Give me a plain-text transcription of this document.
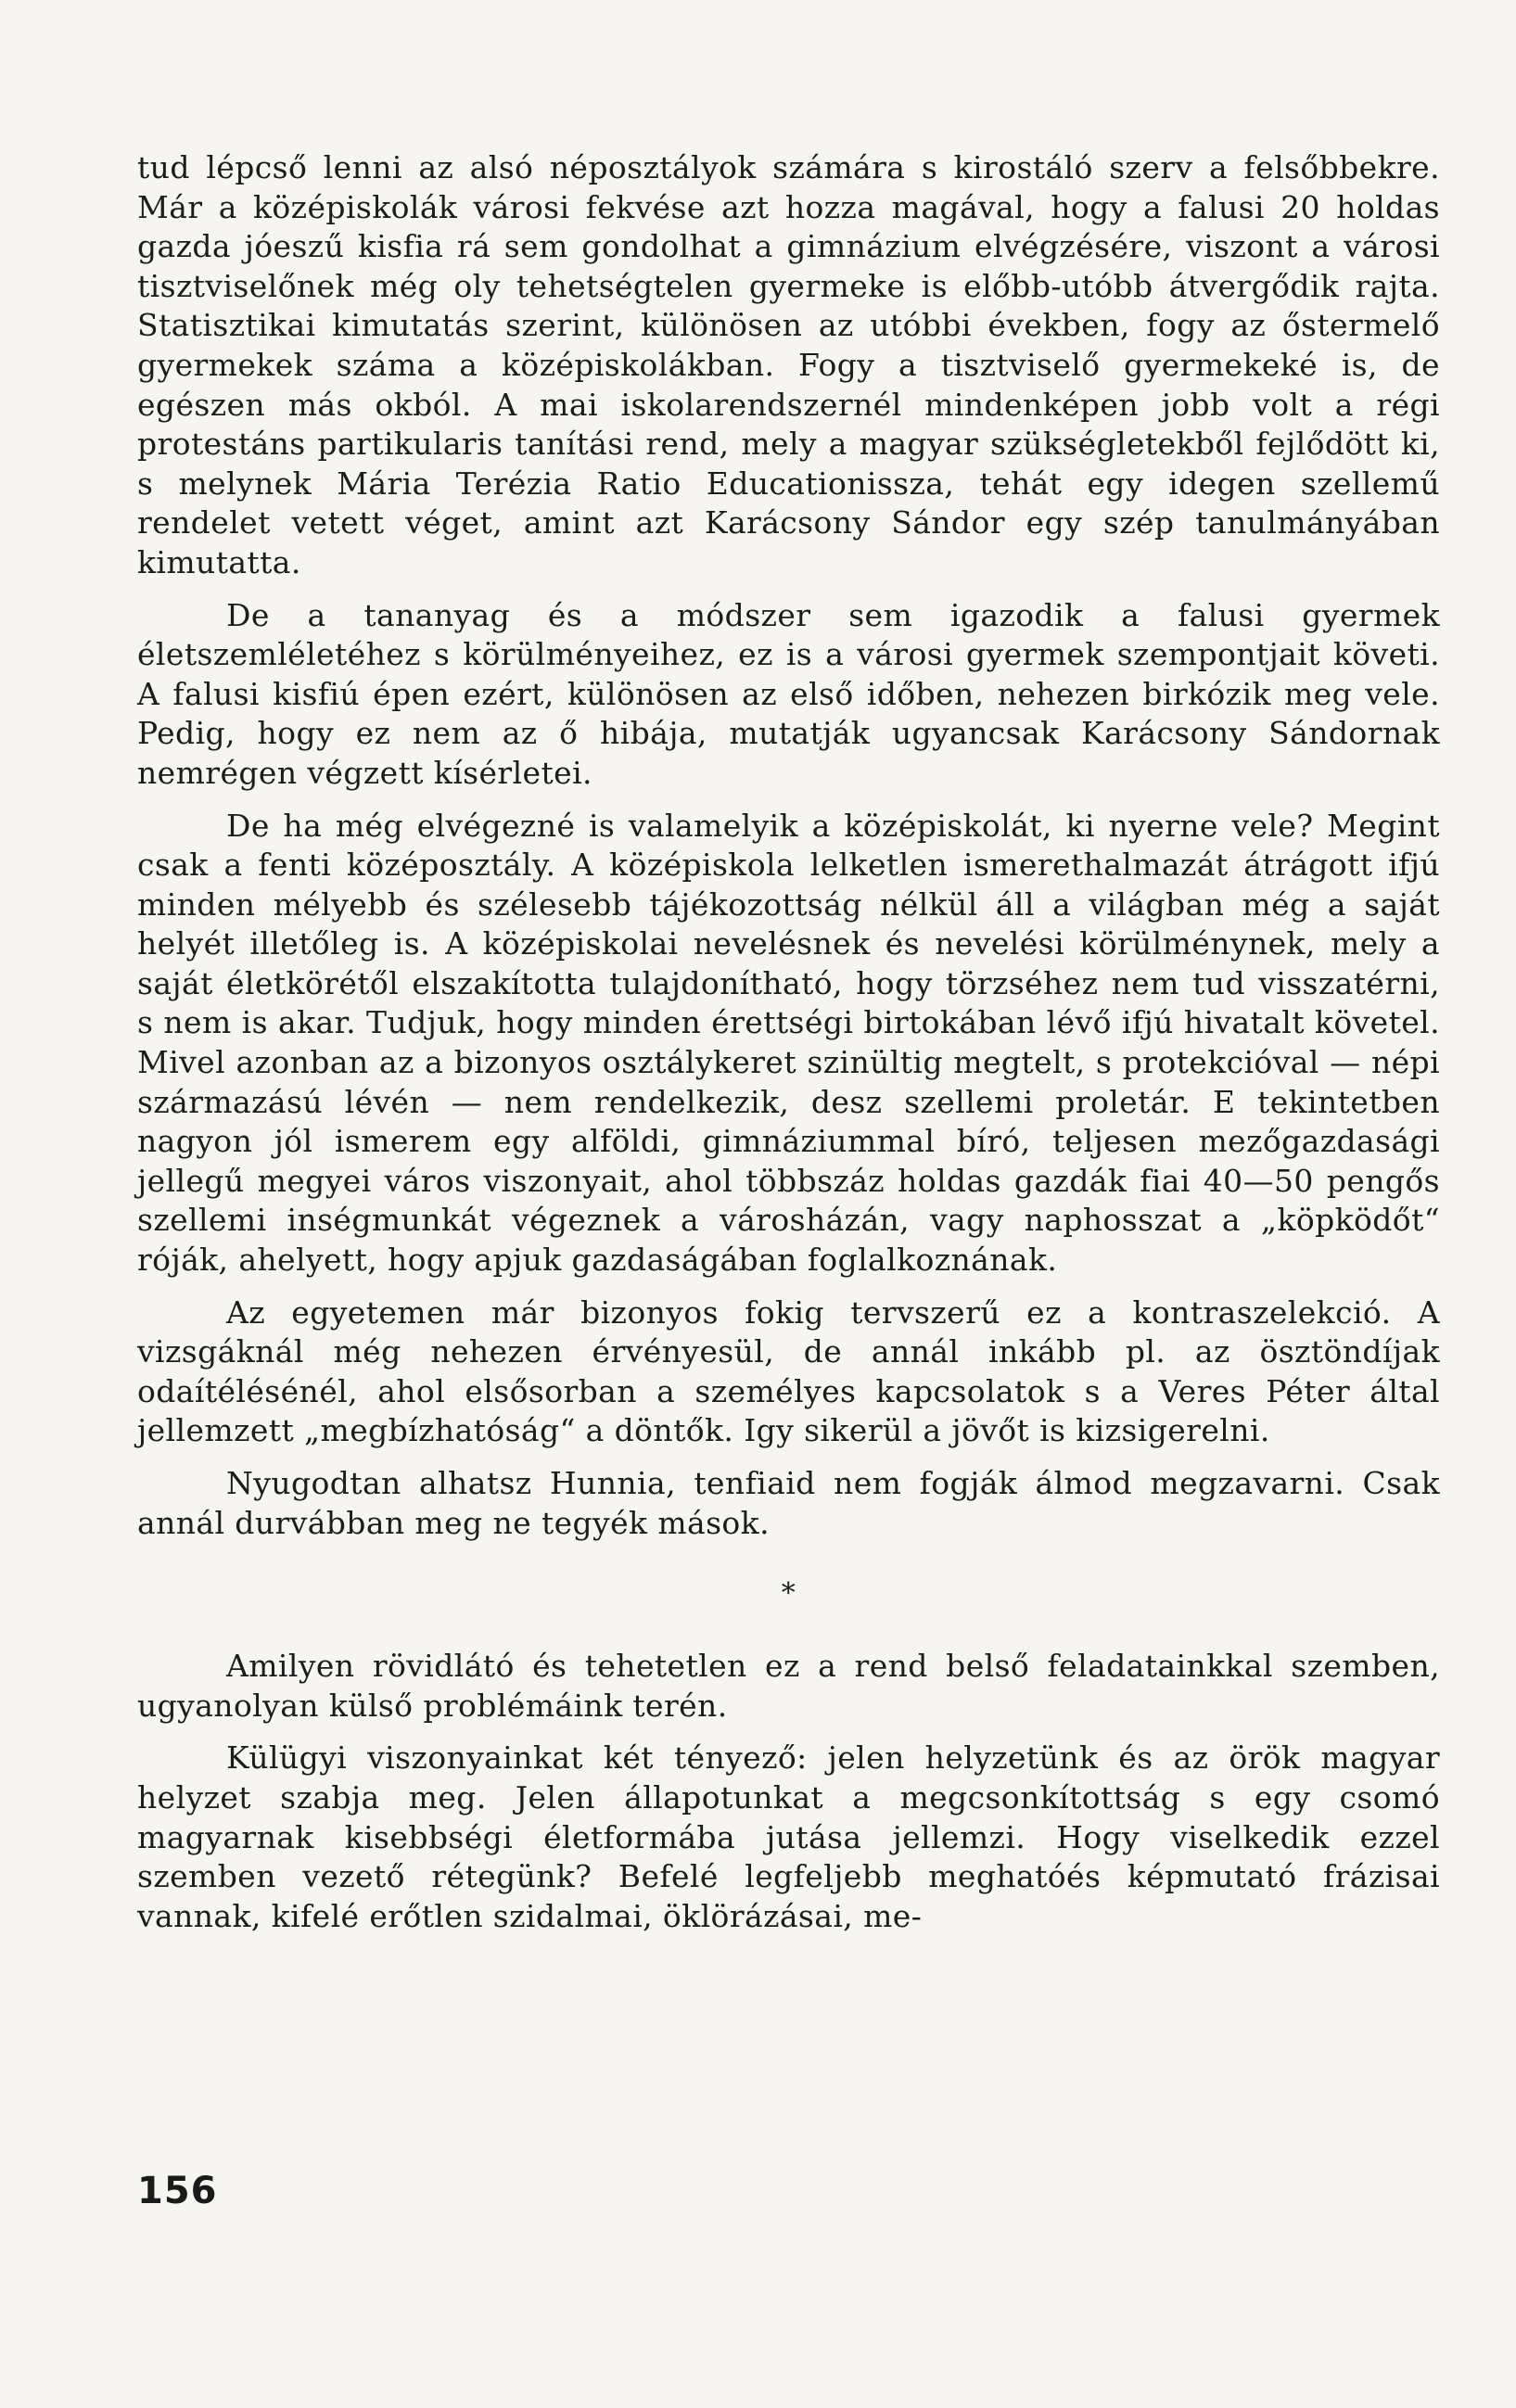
tud lépcső lenni az alsó néposztályok számára s kirostáló szerv a felsőbbekre. Már a középiskolák városi fekvése azt hozza magával, hogy a falusi 20 holdas gazda jóeszű kisfia rá sem gondolhat a gimnázium elvégzésére, viszont a városi tisztviselőnek még oly tehetségtelen gyermeke is előbb-utóbb átvergődik rajta. Statisztikai kimutatás szerint, különösen az utóbbi években, fogy az őstermelő gyermekek száma a középiskolákban. Fogy a tisztviselő gyermekeké is, de egészen más okból. A mai iskolarendszernél mindenképen jobb volt a régi protestáns partikularis tanítási rend, mely a magyar szükségletekből fejlődött ki, s melynek Mária Terézia Ratio Educationissza, tehát egy idegen szellemű rendelet vetett véget, amint azt Karácsony Sándor egy szép tanulmányában kimutatta.

De a tananyag és a módszer sem igazodik a falusi gyermek életszemléletéhez s körülményeihez, ez is a városi gyermek szempontjait követi. A falusi kisfiú épen ezért, különösen az első időben, nehezen birkózik meg vele. Pedig, hogy ez nem az ő hibája, mutatják ugyancsak Karácsony Sándornak nemrégen végzett kísérletei.

De ha még elvégezné is valamelyik a középiskolát, ki nyerne vele? Megint csak a fenti középosztály. A középiskola lelketlen ismerethalmazát átrágott ifjú minden mélyebb és szélesebb tájékozottság nélkül áll a világban még a saját helyét illetőleg is. A középiskolai nevelésnek és nevelési körülménynek, mely a saját életkörétől elszakította tulajdonítható, hogy törzséhez nem tud visszatérni, s nem is akar. Tudjuk, hogy minden érettségi birtokában lévő ifjú hivatalt követel. Mivel azonban az a bizonyos osztálykeret szinültig megtelt, s protekcióval — népi származású lévén — nem rendelkezik, desz szellemi proletár. E tekintetben nagyon jól ismerem egy alföldi, gimnáziummal bíró, teljesen mezőgazdasági jellegű megyei város viszonyait, ahol többszáz holdas gazdák fiai 40—50 pengős szellemi inségmunkát végeznek a városházán, vagy naphosszat a „köpködőt“ róják, ahelyett, hogy apjuk gazdaságában foglalkoznának.

Az egyetemen már bizonyos fokig tervszerű ez a kontraszelekció. A vizsgáknál még nehezen érvényesül, de annál inkább pl. az ösztöndíjak odaítélésénél, ahol elsősorban a személyes kapcsolatok s a Veres Péter által jellemzett „megbízhatóság“ a döntők. Igy sikerül a jövőt is kizsigerelni.

Nyugodtan alhatsz Hunnia, tenfiaid nem fogják álmod megzavarni. Csak annál durvábban meg ne tegyék mások.

*

Amilyen rövidlátó és tehetetlen ez a rend belső feladatainkkal szemben, ugyanolyan külső problémáink terén.

Külügyi viszonyainkat két tényező: jelen helyzetünk és az örök magyar helyzet szabja meg. Jelen állapotunkat a megcsonkítottság s egy csomó magyarnak kisebbségi életformába jutása jellemzi. Hogy viselkedik ezzel szemben vezető rétegünk? Befelé legfeljebb meghatóés képmutató frázisai vannak, kifelé erőtlen szidalmai, öklörázásai, me-

156
